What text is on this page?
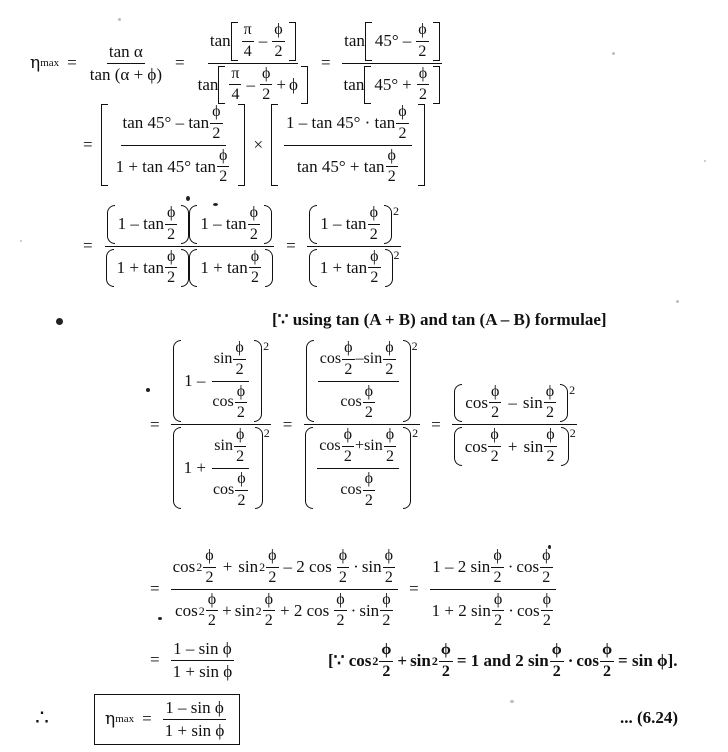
η $\max = \frac{\text{tan α}}{\tan (\alpha + \phi)}$ =
$\tan \frac{\pi}{4} - \frac{\phi}{2}$
$\tan \frac{\pi}{4} - \frac{\phi}{2} + \phi$
= $\frac{\tan 45^\circ - \frac{\phi}{2}}{\tan 45^\circ + \frac{\phi}{2}}$
= $\frac{\tan 45^\circ - \tan \frac{\phi}{2}}{1 + \tan 45^\circ \tan \frac{\phi}{2}} \times \frac{1 - \tan 45^\circ \cdot \tan \frac{\phi}{2}}{\tan 45^\circ + \tan \frac{\phi}{2}}$
= $\frac{1 - \tan \frac{\phi}{2} 1 - \tan \frac{\phi}{2}}{1 + \tan \frac{\phi}{2} 1 + \tan \frac{\phi}{2}} = \frac{1 - \tan \frac{\phi}{2} 2}{1 + \tan \frac{\phi}{2} 2}$
[∵ using tan (A + B) and tan (A – B) formulae]
= $\frac{1 - \frac{\sin \frac{\phi}{2}}{\cos \frac{\phi}{2}} 2}{1 + \frac{\sin \frac{\phi}{2}}{\cos \frac{\phi}{2}} 2} = \frac{\frac{\cos \frac{\phi}{2} - \sin \frac{\phi}{2}}{\cos \frac{\phi}{2}} 2}{\frac{\cos \frac{\phi}{2} + \sin \frac{\phi}{2}}{\cos \frac{\phi}{2}} 2} = \frac{\cos \frac{\phi}{2} - \sin \frac{\phi}{2} 2}{\cos \frac{\phi}{2} + \sin \frac{\phi}{2} 2}$
=
$\cos 2 \frac{\phi}{2} + \sin 2 \frac{\phi}{2} - 2$ $\cos \frac{\phi}{2} \cdot \sin \frac{\phi}{2}$
$\cos 2 \frac{\phi}{2} + \sin 2 \frac{\phi}{2} + 2$ $\cos \frac{\phi}{2} \cdot \sin \frac{\phi}{2}$
= $\frac{1 - 2 \sin \frac{\phi}{2} \cdot \cos \frac{\phi}{2}}{1 + 2 \sin \frac{\phi}{2} \cdot \cos \frac{\phi}{2}}$
= $\frac{\text{1 – sin ϕ}}{\text{1 + sin ϕ}}$	[∵ $\cos 2 \frac{\phi}{2} + \sin 2 \frac{\phi}{2} = 1$ and 2 $\sin \frac{\phi}{2} \cdot \cos \frac{\phi}{2} = \sin \phi$].
∴	η $\max = \frac{\text{1 – sin ϕ}}{\text{1 + sin ϕ}}$	... (6.24)
